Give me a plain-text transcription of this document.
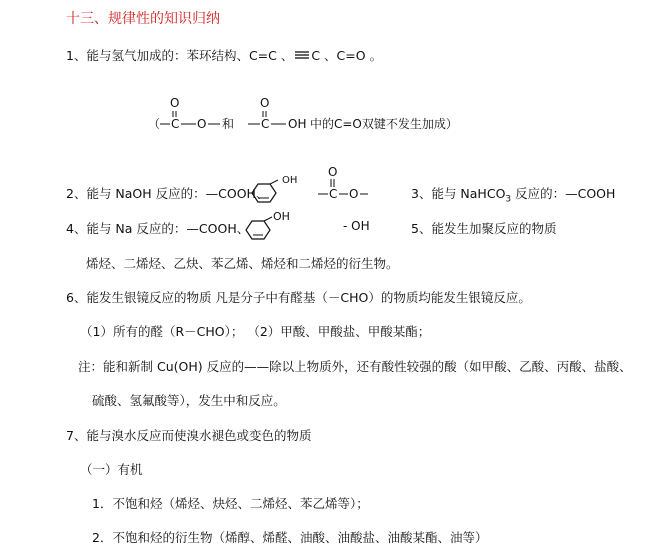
十三、规律性的知识归纳
1、能与氢气加成的：苯环结构、C=C 、 C 、C=O 。
（ C
O
O 和 C
O
OH 中的C=O双键不发生加成）
2、能与 NaOH 反应的：—COOH、
OH
C
O
O	3、能与 NaHCO$_3$ 反应的：—COOH
4、能与 Na 反应的：—COOH、
OH
- OH	5、能发生加聚反应的物质
烯烃、二烯烃、乙炔、苯乙烯、烯烃和二烯烃的衍生物。
6、能发生银镜反应的物质 凡是分子中有醛基（－CHO）的物质均能发生银镜反应。
（1）所有的醛（R－CHO）； （2）甲酸、甲酸盐、甲酸某酯；
注：能和新制 Cu(OH) 反应的——除以上物质外，还有酸性较强的酸（如甲酸、乙酸、丙酸、盐酸、
硫酸、氢氟酸等），发生中和反应。
7、能与溴水反应而使溴水褪色或变色的物质
（一）有机
1．不饱和烃（烯烃、炔烃、二烯烃、苯乙烯等）；
2．不饱和烃的衍生物（烯醇、烯醛、油酸、油酸盐、油酸某酯、油等）
